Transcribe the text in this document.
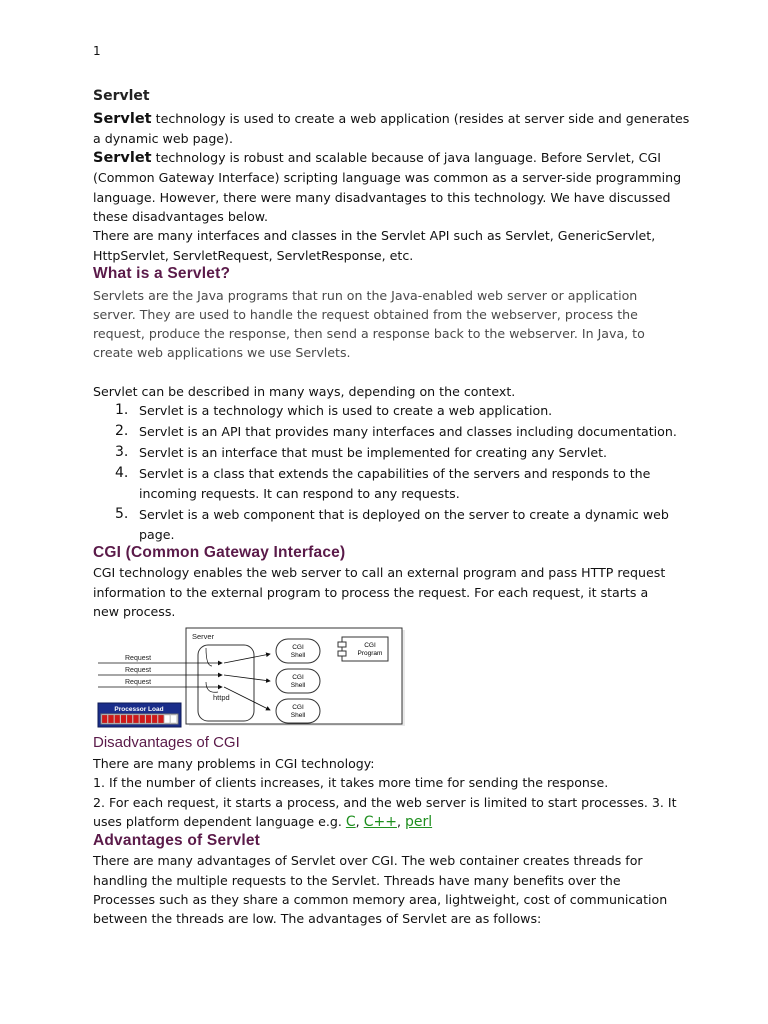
1
Servlet
Servlet technology is used to create a web application (resides at server side and generates
a dynamic web page).
Servlet technology is robust and scalable because of java language. Before Servlet, CGI
(Common Gateway Interface) scripting language was common as a server-side programming
language. However, there were many disadvantages to this technology. We have discussed
these disadvantages below.
There are many interfaces and classes in the Servlet API such as Servlet, GenericServlet,
HttpServlet, ServletRequest, ServletResponse, etc.
What is a Servlet?
Servlets are the Java programs that run on the Java-enabled web server or application
server. They are used to handle the request obtained from the webserver, process the
request, produce the response, then send a response back to the webserver. In Java, to
create web applications we use Servlets.
Servlet can be described in many ways, depending on the context.
1. Servlet is a technology which is used to create a web application.
2. Servlet is an API that provides many interfaces and classes including documentation.
3. Servlet is an interface that must be implemented for creating any Servlet.
4. Servlet is a class that extends the capabilities of the servers and responds to the
incoming requests. It can respond to any requests.
5. Servlet is a web component that is deployed on the server to create a dynamic web
page.
CGI (Common Gateway Interface)
CGI technology enables the web server to call an external program and pass HTTP request
information to the external program to process the request. For each request, it starts a
new process.
Server
httpd
Request
Request
Request
CGI
Shell
CGI
Shell
CGI
Shell
CGI
Program
Processor Load
Disadvantages of CGI
There are many problems in CGI technology:
1. If the number of clients increases, it takes more time for sending the response.
2. For each request, it starts a process, and the web server is limited to start processes. 3. It
uses platform dependent language e.g. C, C++, perl
Advantages of Servlet
There are many advantages of Servlet over CGI. The web container creates threads for
handling the multiple requests to the Servlet. Threads have many benefits over the
Processes such as they share a common memory area, lightweight, cost of communication
between the threads are low. The advantages of Servlet are as follows:
